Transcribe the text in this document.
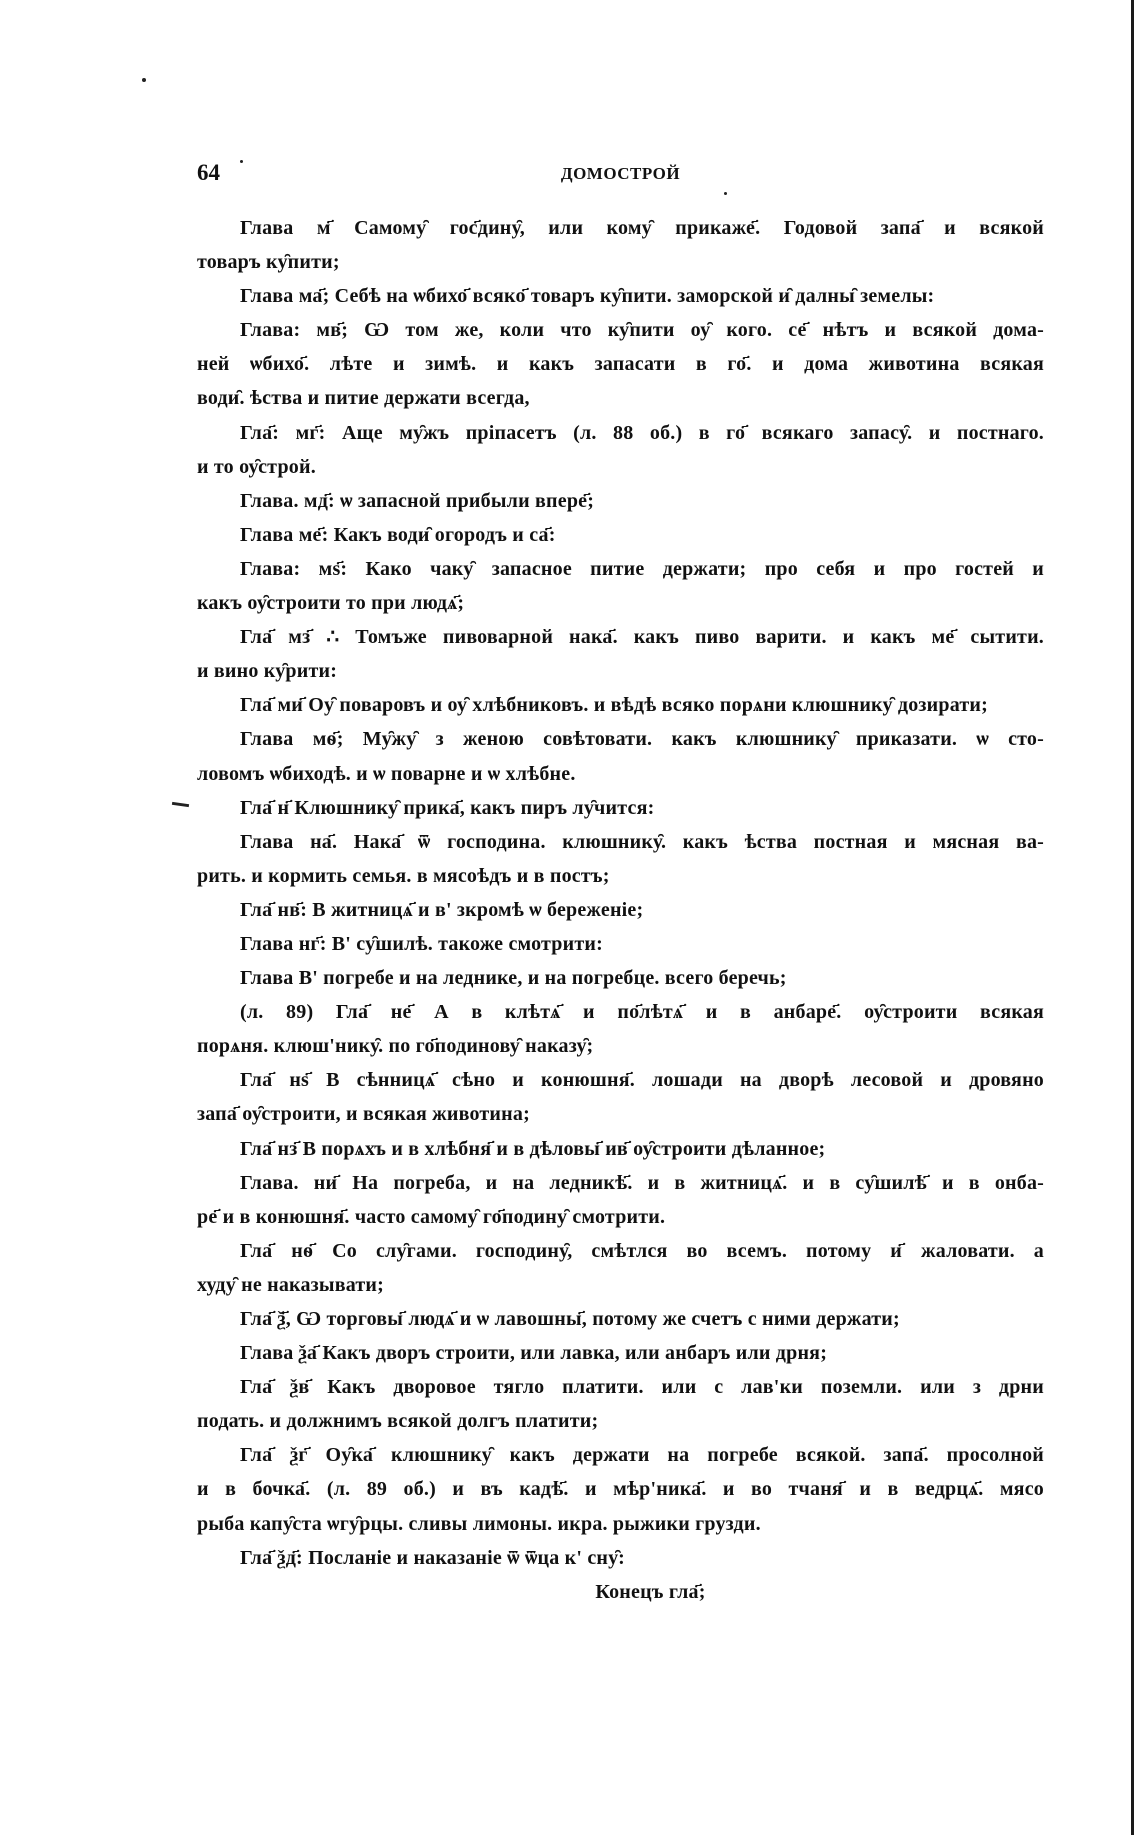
64	ДОМОСТРОЙ
Глава м҃ Самому̑ гос҃дину̑, или кому̑ прикаже҃. Годовой запа҃ и всякой
товаръ ку̑пити;
Глава ма҃; Себѣ на ѡбихо҃ всяко҃ товаръ ку̑пити. заморской и̑ далны̑ земелы:
Глава: мв҃; Ѡ том же, коли что ку̑пити оу̑ кого. се҃ нѣтъ и всякой дома-
ней ѡбихо҃. лѣте и зимѣ. и какъ запасати в го҃. и дома животина всякая
води̑. ѣства и питие держати всегда,
Гла҃: мг҃: Аще му̑жъ пріпасетъ (л. 88 об.) в го҃ всякаго запасу̑. и постнаго.
и то оу̑строй.
Глава. мд҃: ѡ запасной прибыли впере҃;
Глава ме҃: Какъ води̑ огородъ и са҃:
Глава: мѕ҃: Како чаку̑ запасное питие держати; про себя и про гостей и
какъ оу̑строити то при людѧ҃;
Гла҃ мз҃ ∴ Томъже пивоварной нака҃. какъ пиво варити. и какъ ме҃ сытити.
и вино ку̑рити:
Гла҃ ми҃ Оу̑ поваровъ и оу̑ хлѣбниковъ. и вѣдѣ всяко порѧни клюшнику̑ дозирати;
Глава мѳ҃; Му̑жу̑ з женою совѣтовати. какъ клюшнику̑ приказати. ѡ сто-
ловомъ ѡбиходѣ. и ѡ поварне и ѡ хлѣбне.
Гла҃ н҃ Клюшнику̑ прика҃, какъ пиръ лу̑чится:
Глава на҃. Нака҃ ѿ господина. клюшнику̑. какъ ѣства постная и мясная ва-
рить. и кормить семья. в мясоѣдъ и в постъ;
Гла҃ нв҃: В житницѧ҃ и в' зкромѣ ѡ береженіе;
Глава нг҃: В' су̑шилѣ. такоже смотрити:
Глава В' погребе и на леднике, и на погребце. всего беречь;
(л. 89) Гла҃ не҃ А в клѣтѧ҃ и по҃лѣтѧ҃ и в анбаре҃. оу̑строити всякая
порѧня. клюш'нику̑. по го҃подинову̑ наказу̑;
Гла҃ нѕ҃ В сѣнницѧ҃ сѣно и конюшня҃. лошади на дворѣ лесовой и дровяно
запа҃ оу̑строити, и всякая животина;
Гла҃ нз҃ В порѧхъ и в хлѣбня҃ и в дѣловы҃ ив҃ оу̑строити дѣланное;
Глава. ни҃ На погреба, и на ледникѣ҃. и в житницѧ҃. и в су̑шилѣ҃ и в онба-
ре҃ и в конюшня҃. часто самому̑ го҃подину̑ смотрити.
Гла҃ нѳ҃ Со слу̑гами. господину̑, смѣтлся во всемъ. потому и҃ жаловати. а
худу̑ не наказывати;
Гла҃ ѯ҃, Ѡ торговы҃ людѧ҃ и ѡ лавошны҃, потому же счетъ с ними держати;
Глава ѯа҃ Какъ дворъ строити, или лавка, или анбаръ или дрня;
Гла҃ ѯв҃ Какъ дворовое тягло платити. или с лав'ки поземли. или з дрни
подать. и должнимъ всякой долгъ платити;
Гла҃ ѯг҃ Оу̑ка҃ клюшнику̑ какъ держати на погребе всякой. запа҃. просолной
и в бочка҃. (л. 89 об.) и въ кадѣ҃. и мѣр'ника҃. и во тчаня҃ и в ведрцѧ҃. мясо
рыба капу̑ста ѡгу̑рцы. сливы лимоны. икра. рыжики грузди.
Гла҃ ѯд҃: Посланіе и наказаніе ѿ ѿца к' сну̑:
Конецъ гла҃;
